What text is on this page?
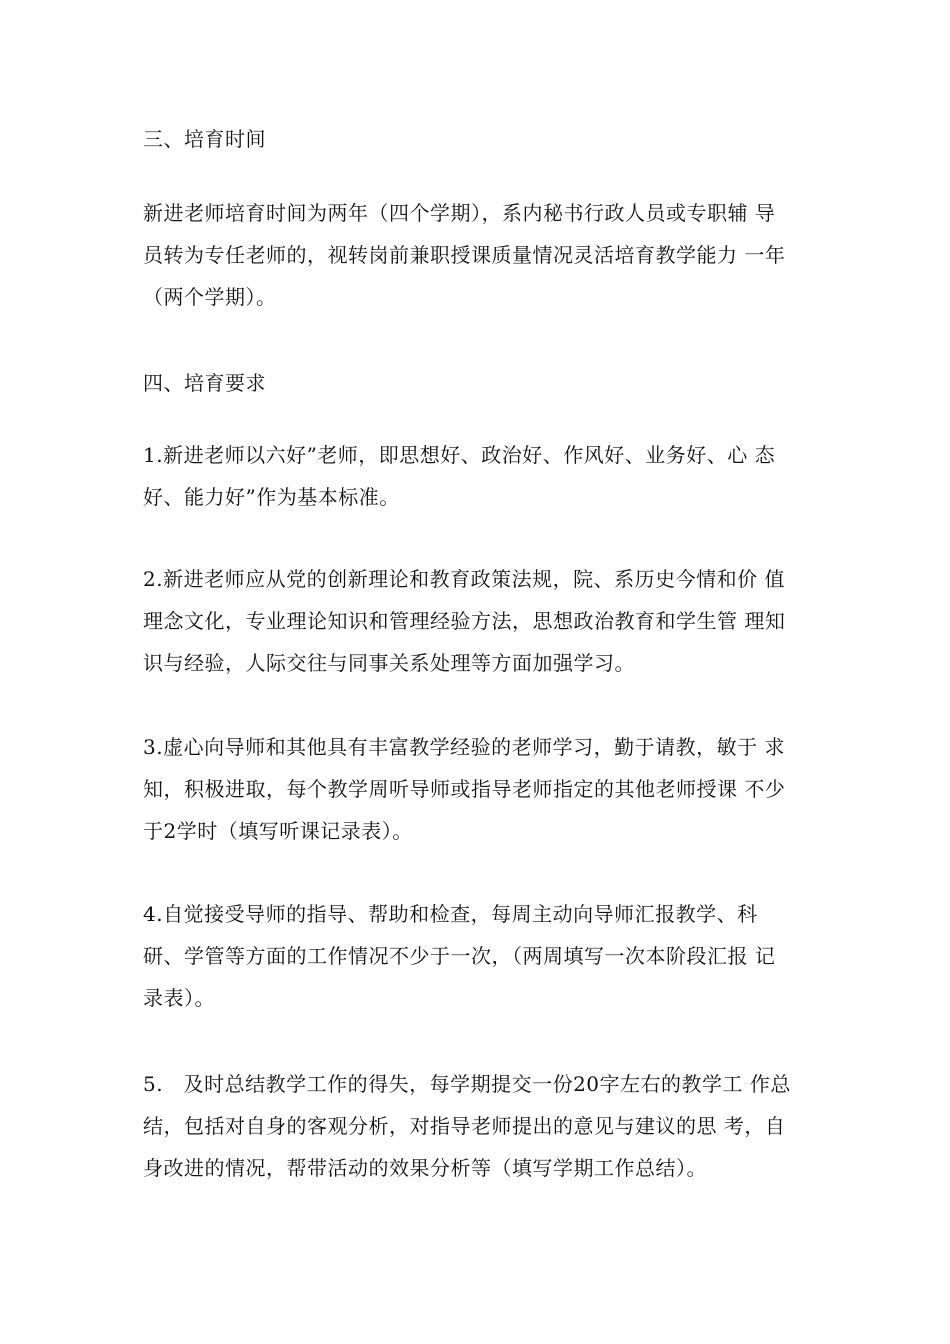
三、培育时间

新进老师培育时间为两年（四个学期），系内秘书行政人员或专职辅 导
员转为专任老师的，视转岗前兼职授课质量情况灵活培育教学能力 一年
（两个学期）。

四、培育要求

1.新进老师以六好”老师，即思想好、政治好、作风好、业务好、心 态
好、能力好”作为基本标准。

2.新进老师应从党的创新理论和教育政策法规，院、系历史今情和价 值
理念文化，专业理论知识和管理经验方法，思想政治教育和学生管 理知
识与经验，人际交往与同事关系处理等方面加强学习。

3.虚心向导师和其他具有丰富教学经验的老师学习，勤于请教，敏于 求
知，积极进取，每个教学周听导师或指导老师指定的其他老师授课 不少
于2学时（填写听课记录表）。

4.自觉接受导师的指导、帮助和检查，每周主动向导师汇报教学、科
研、学管等方面的工作情况不少于一次，（两周填写一次本阶段汇报 记
录表）。

5.　及时总结教学工作的得失，每学期提交一份20字左右的教学工 作总
结，包括对自身的客观分析，对指导老师提出的意见与建议的思 考，自
身改进的情况，帮带活动的效果分析等（填写学期工作总结）。
